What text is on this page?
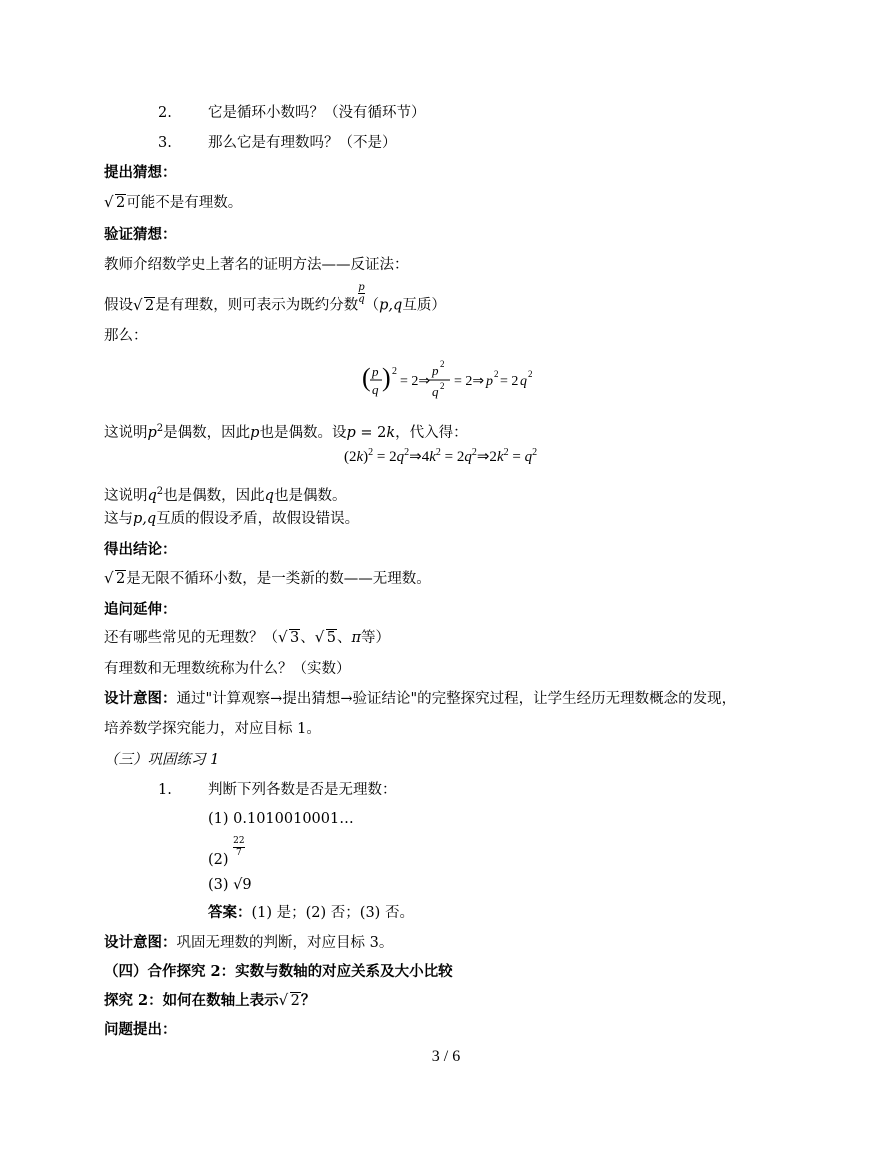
2. 它是循环小数吗？（没有循环节）
3. 那么它是有理数吗？（不是）
提出猜想：
√ 2可能不是有理数。
验证猜想：
教师介绍数学史上著名的证明方法——反证法：
假设 √ 2是有理数，则可表示为既约分数
$\frac{p}{q}$
（p,q互质）
那么：
( p
q ) 2
= 2⇒
p 2
q 2 = 2⇒ p 2 = 2 q 2
这说明$p^2$是偶数，因此p也是偶数。设p = 2k，代入得：
$(2k)^2$ = $2q^2\Rightarrow 4k^2$ = $2q^2\Rightarrow 2k^2 = q^2$
这说明$q^2$也是偶数，因此q也是偶数。
这与p,q互质的假设矛盾，故假设错误。
得出结论：
√ 2是无限不循环小数，是一类新的数——无理数。
追问延伸：
还有哪些常见的无理数？（ √ 3、 √ 5、π等）
有理数和无理数统称为什么？（实数）
设计意图：通过"计算观察→提出猜想→验证结论"的完整探究过程，让学生经历无理数概念的发现，
培养数学探究能力，对应目标 1。
（三）巩固练习 1
1. 判断下列各数是否是无理数：
(1) 0.1010010001…
(2)
$\frac{22}{7}$
(3) √9
答案：(1) 是；(2) 否；(3) 否。
设计意图：巩固无理数的判断，对应目标 3。
（四）合作探究 2：实数与数轴的对应关系及大小比较
探究 2：如何在数轴上表示 √ 2？
问题提出：
3 / 6
